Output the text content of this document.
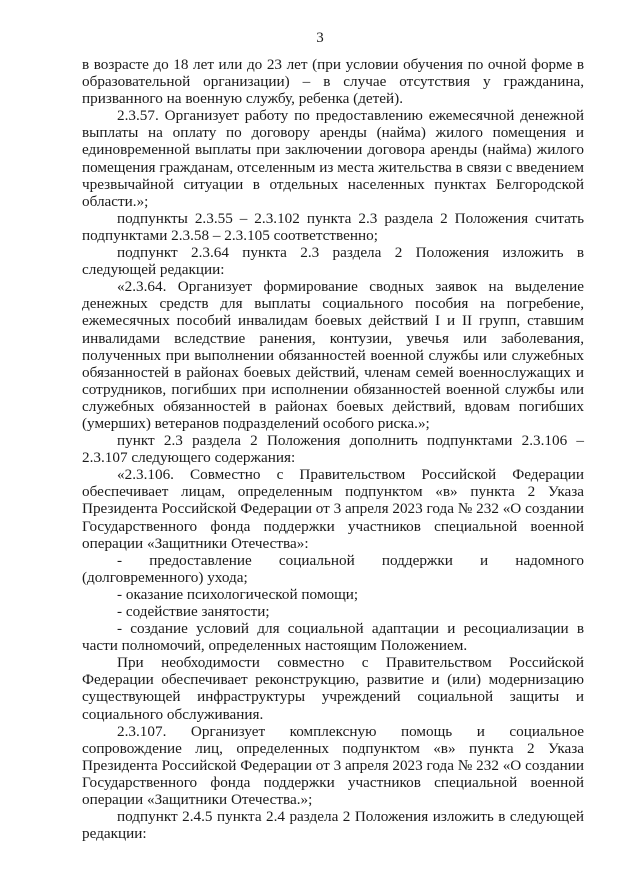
3

в возрасте до 18 лет или до 23 лет (при условии обучения по очной форме в образовательной организации) – в случае отсутствия у гражданина, призванного на военную службу, ребенка (детей).

2.3.57. Организует работу по предоставлению ежемесячной денежной выплаты на оплату по договору аренды (найма) жилого помещения и единовременной выплаты при заключении договора аренды (найма) жилого помещения гражданам, отселенным из места жительства в связи с введением чрезвычайной ситуации в отдельных населенных пунктах Белгородской области.»;

подпункты 2.3.55 – 2.3.102 пункта 2.3 раздела 2 Положения считать подпунктами 2.3.58 – 2.3.105 соответственно;

подпункт 2.3.64 пункта 2.3 раздела 2 Положения изложить в следующей редакции:

«2.3.64. Организует формирование сводных заявок на выделение денежных средств для выплаты социального пособия на погребение, ежемесячных пособий инвалидам боевых действий I и II групп, ставшим инвалидами вследствие ранения, контузии, увечья или заболевания, полученных при выполнении обязанностей военной службы или служебных обязанностей в районах боевых действий, членам семей военнослужащих и сотрудников, погибших при исполнении обязанностей военной службы или служебных обязанностей в районах боевых действий, вдовам погибших (умерших) ветеранов подразделений особого риска.»;

пункт 2.3 раздела 2 Положения дополнить подпунктами 2.3.106 – 2.3.107 следующего содержания:

«2.3.106. Совместно с Правительством Российской Федерации обеспечивает лицам, определенным подпунктом «в» пункта 2 Указа Президента Российской Федерации от 3 апреля 2023 года № 232 «О создании Государственного фонда поддержки участников специальной военной операции «Защитники Отечества»:

- предоставление социальной поддержки и надомного (долговременного) ухода;

- оказание психологической помощи;

- содействие занятости;

- создание условий для социальной адаптации и ресоциализации в части полномочий, определенных настоящим Положением.

При необходимости совместно с Правительством Российской Федерации обеспечивает реконструкцию, развитие и (или) модернизацию существующей инфраструктуры учреждений социальной защиты и социального обслуживания.

2.3.107. Организует комплексную помощь и социальное сопровождение лиц, определенных подпунктом «в» пункта 2 Указа Президента Российской Федерации от 3 апреля 2023 года № 232 «О создании Государственного фонда поддержки участников специальной военной операции «Защитники Отечества.»;

подпункт 2.4.5 пункта 2.4 раздела 2 Положения изложить в следующей редакции:
